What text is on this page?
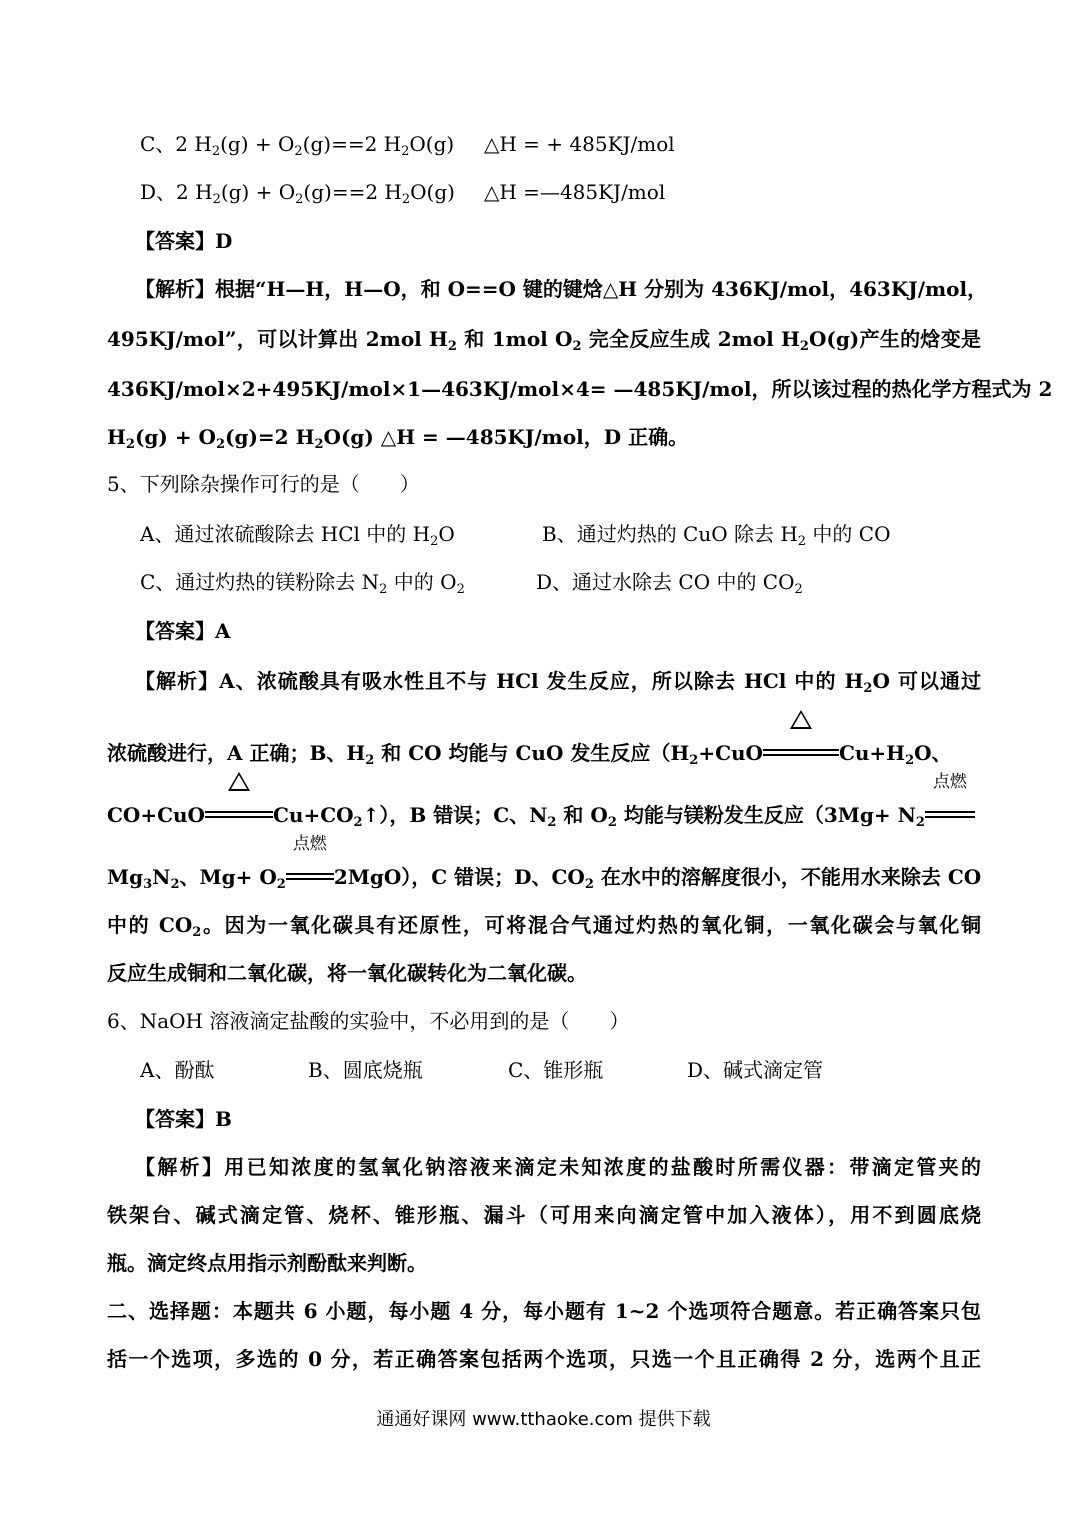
C、2 $H_2(g) + O_2(g)==2$ $H_2O(g)$ △H = + 485KJ/mol
D、2 $H_2(g) + O_2(g)==2$ $H_2O(g)$ △H =—485KJ/mol
【答案】D
【解析】根据“H—H，H—O，和 O==O 键的键焓△H 分别为 436KJ/mol，463KJ/mol，
495KJ/mol”，可以计算出 2mol $H_2$ 和 1mol $O_2$ 完全反应生成 2mol $H_2O(g)$产生的焓变是
436KJ/mol×2+495KJ/mol×1—463KJ/mol×4= —485KJ/mol，所以该过程的热化学方程式为 2
$H_2(g) + O_2(g)=2$ $H_2O(g)$ △H = —485KJ/mol，D 正确。
5、下列除杂操作可行的是（　　）
A、通过浓硫酸除去 HCl 中的 $H_2O$	B、通过灼热的 CuO 除去 $H_2$ 中的 CO
C、通过灼热的镁粉除去 $N_2$ 中的 $O_2$	D、通过水除去 CO 中的 $CO_2$
【答案】A
【解析】A、浓硫酸具有吸水性且不与 HCl 发生反应，所以除去 HCl 中的 $H_2O$ 可以通过
浓硫酸进行，A 正确；B、$H_2$ 和 CO 均能与 CuO 发生反应（$H_2+CuO$	$Cu+H_2O$、
CO+CuO	$Cu+CO_2↑$），B 错误；C、$N_2$ 和 $O_2$ 均能与镁粉发生反应（$3Mg+ N_2$
点燃
$Mg_3N_2$、$Mg+ O_2$
点燃
2MgO），C 错误；D、$CO_2$ 在水中的溶解度很小，不能用水来除去 CO
中的 $CO_2$。因为一氧化碳具有还原性，可将混合气通过灼热的氧化铜，一氧化碳会与氧化铜
反应生成铜和二氧化碳，将一氧化碳转化为二氧化碳。
6、NaOH 溶液滴定盐酸的实验中，不必用到的是（　　）
A、酚酞	B、圆底烧瓶	C、锥形瓶	D、碱式滴定管
【答案】B
【解析】用已知浓度的氢氧化钠溶液来滴定未知浓度的盐酸时所需仪器：带滴定管夹的
铁架台、碱式滴定管、烧杯、锥形瓶、漏斗（可用来向滴定管中加入液体），用不到圆底烧
瓶。滴定终点用指示剂酚酞来判断。
二、选择题：本题共 6 小题，每小题 4 分，每小题有 1~2 个选项符合题意。若正确答案只包
括一个选项，多选的 0 分，若正确答案包括两个选项，只选一个且正确得 2 分，选两个且正
通通好课网 www.tthaoke.com 提供下载
